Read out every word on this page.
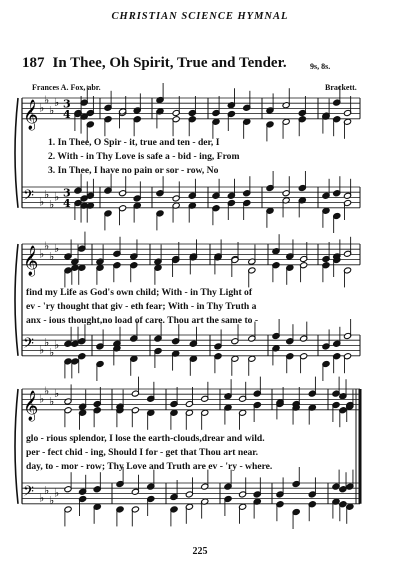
CHRISTIAN SCIENCE HYMNAL
187 In Thee, Oh Spirit, True and Tender.	9s, 8s.
Frances A. Fox, abr.	Brackett.
𝄞
𝄢
♭
♭
♭
♭
♭
♭
♭
♭
3
4
3
4
𝄞
𝄢
♭
♭
♭
♭
♭
♭
♭
♭
𝄞
𝄢
♭
♭
♭
♭
♭
♭
♭
♭
1. In Thee, O Spir - it, true and ten - der, I
2. With - in Thy Love is safe a - bid - ing, From
3. In Thee, I have no pain or sor - row, No
find my Life as God's own child; With - in Thy Light of
ev - 'ry thought that giv - eth fear; With - in Thy Truth a
anx - ious thought,no load of care. Thou art the same to -
glo - rious splendor, I lose the earth-clouds,drear and wild.
per - fect chid - ing, Should I for - get that Thou art near.
day, to - mor - row; Thy Love and Truth are ev - 'ry - where.
225
